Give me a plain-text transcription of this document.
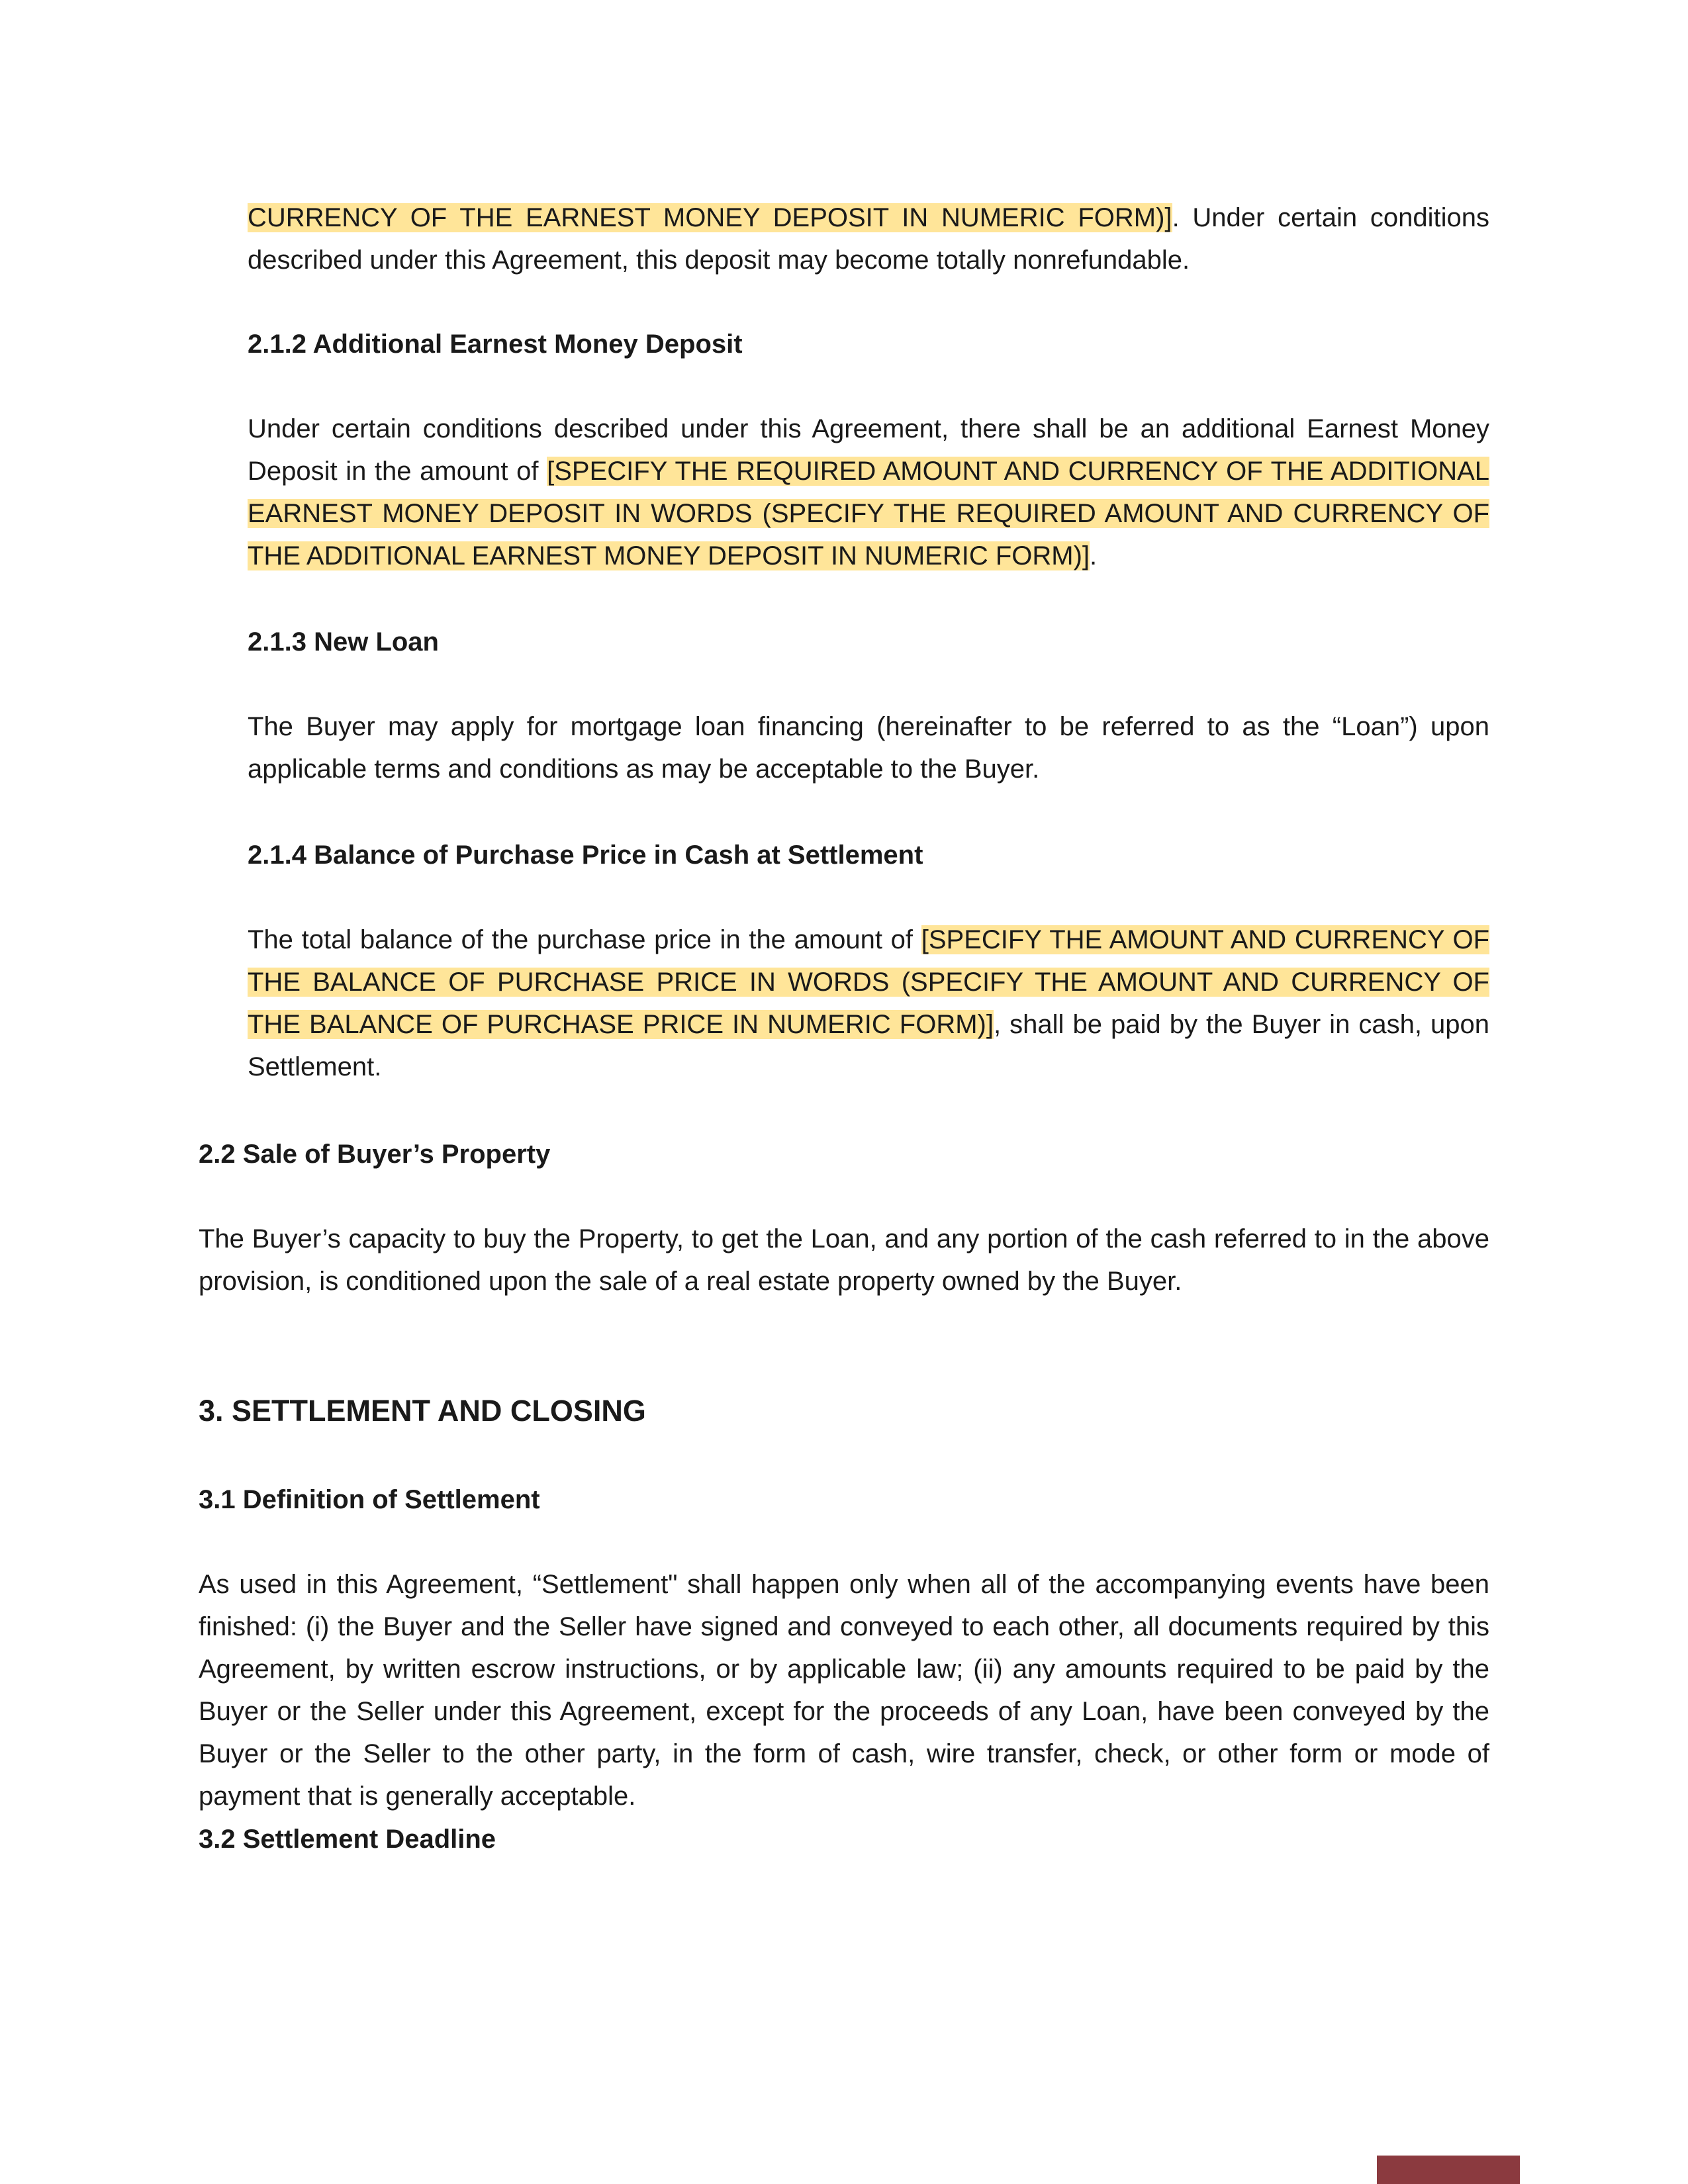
CURRENCY OF THE EARNEST MONEY DEPOSIT IN NUMERIC FORM)]. Under certain conditions described under this Agreement, this deposit may become totally nonrefundable.

2.1.2 Additional Earnest Money Deposit

Under certain conditions described under this Agreement, there shall be an additional Earnest Money Deposit in the amount of [SPECIFY THE REQUIRED AMOUNT AND CURRENCY OF THE ADDITIONAL EARNEST MONEY DEPOSIT IN WORDS (SPECIFY THE REQUIRED AMOUNT AND CURRENCY OF THE ADDITIONAL EARNEST MONEY DEPOSIT IN NUMERIC FORM)].

2.1.3 New Loan

The Buyer may apply for mortgage loan financing (hereinafter to be referred to as the “Loan”) upon applicable terms and conditions as may be acceptable to the Buyer.

2.1.4 Balance of Purchase Price in Cash at Settlement

The total balance of the purchase price in the amount of [SPECIFY THE AMOUNT AND CURRENCY OF THE BALANCE OF PURCHASE PRICE IN WORDS (SPECIFY THE AMOUNT AND CURRENCY OF THE BALANCE OF PURCHASE PRICE IN NUMERIC FORM)], shall be paid by the Buyer in cash, upon Settlement.

2.2 Sale of Buyer’s Property

The Buyer’s capacity to buy the Property, to get the Loan, and any portion of the cash referred to in the above provision, is conditioned upon the sale of a real estate property owned by the Buyer.

3. SETTLEMENT AND CLOSING
3.1 Definition of Settlement

As used in this Agreement, “Settlement" shall happen only when all of the accompanying events have been finished: (i) the Buyer and the Seller have signed and conveyed to each other, all documents required by this Agreement, by written escrow instructions, or by applicable law; (ii) any amounts required to be paid by the Buyer or the Seller under this Agreement, except for the proceeds of any Loan, have been conveyed by the Buyer or the Seller to the other party, in the form of cash, wire transfer, check, or other form or mode of payment that is generally acceptable.

3.2 Settlement Deadline
